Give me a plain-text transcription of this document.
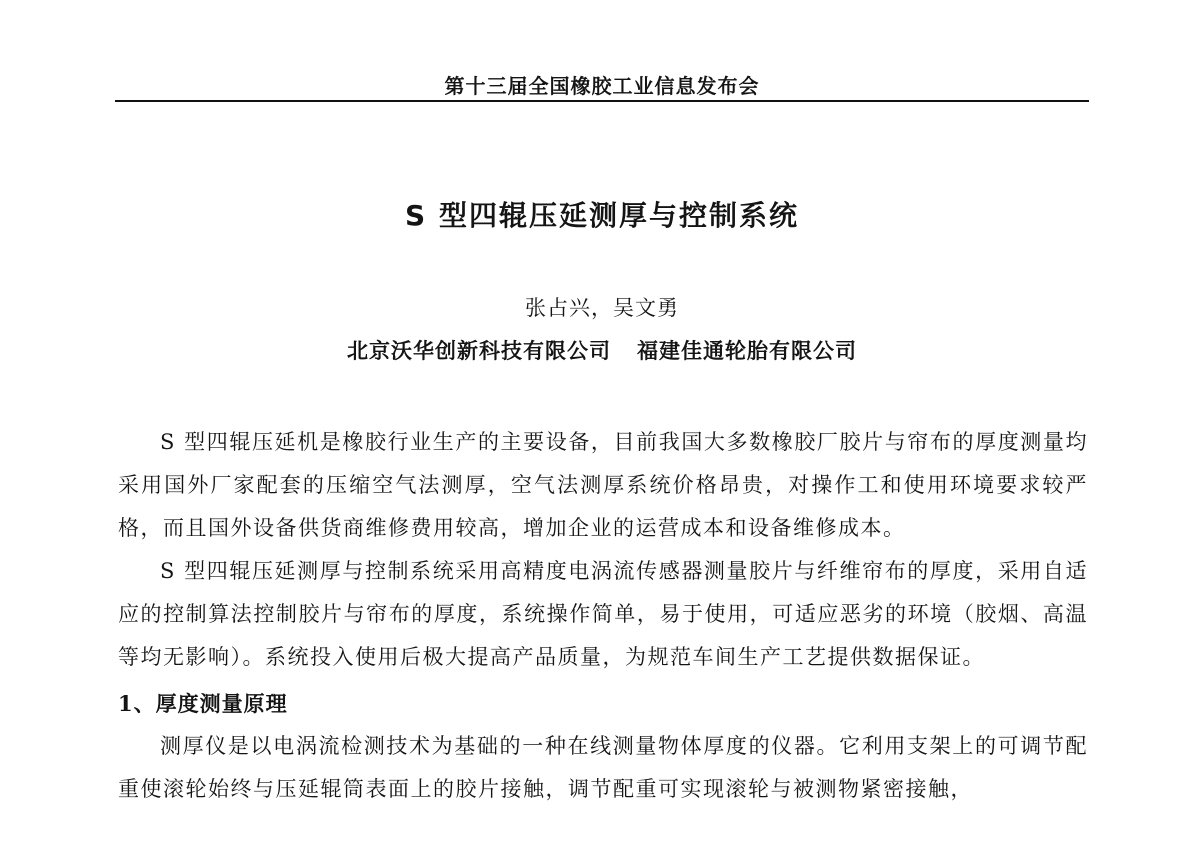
第十三届全国橡胶工业信息发布会
S 型四辊压延测厚与控制系统
张占兴，吴文勇
北京沃华创新科技有限公司 福建佳通轮胎有限公司

S 型四辊压延机是橡胶行业生产的主要设备，目前我国大多数橡胶厂胶片与帘布的厚度测量均采用国外厂家配套的压缩空气法测厚，空气法测厚系统价格昂贵，对操作工和使用环境要求较严格，而且国外设备供货商维修费用较高，增加企业的运营成本和设备维修成本。

S 型四辊压延测厚与控制系统采用高精度电涡流传感器测量胶片与纤维帘布的厚度，采用自适应的控制算法控制胶片与帘布的厚度，系统操作简单，易于使用，可适应恶劣的环境（胶烟、高温等均无影响）。系统投入使用后极大提高产品质量，为规范车间生产工艺提供数据保证。

1、厚度测量原理

测厚仪是以电涡流检测技术为基础的一种在线测量物体厚度的仪器。它利用支架上的可调节配重使滚轮始终与压延辊筒表面上的胶片接触，调节配重可实现滚轮与被测物紧密接触，
